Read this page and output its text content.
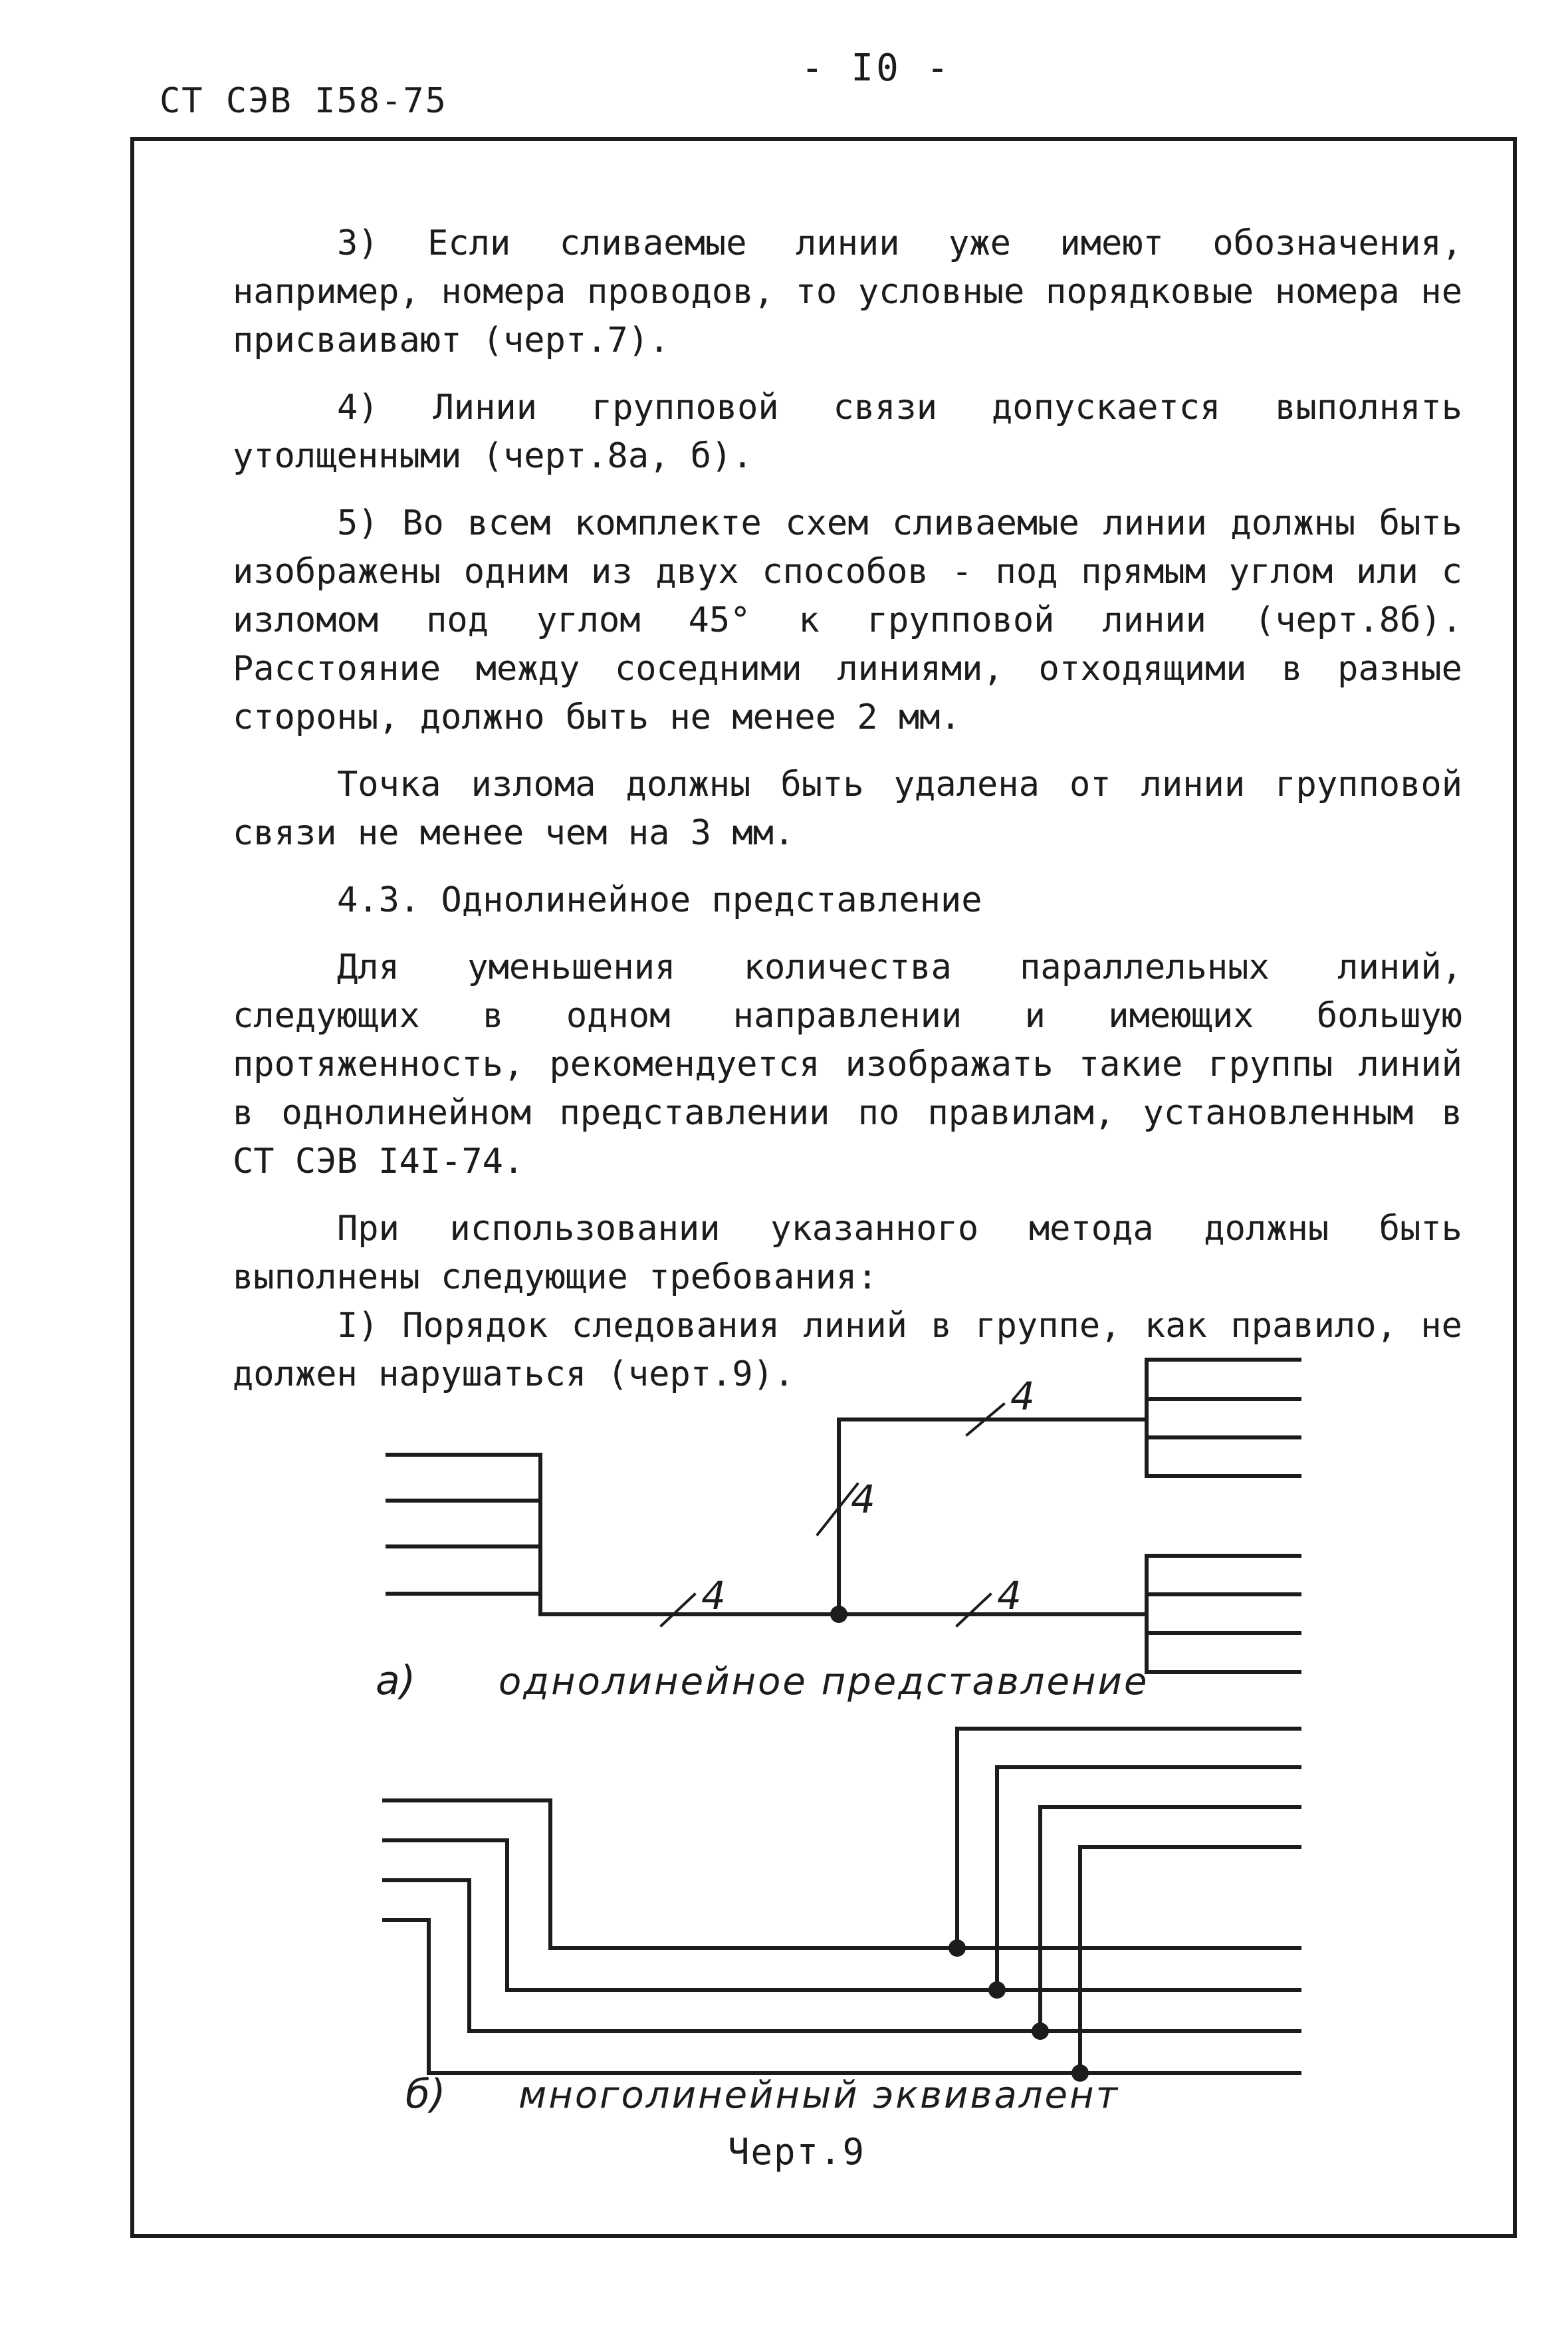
СТ СЭВ I58-75
- I0 -

3) Если сливаемые линии уже имеют обозначения, например, номера проводов, то условные порядковые номера не присваивают (черт.7).

4) Линии групповой связи допускается выполнять утолщенными (черт.8а, б).

5) Во всем комплекте схем сливаемые линии должны быть изображены одним из двух способов - под прямым углом или с изломом под углом 45° к групповой линии (черт.8б). Расстояние между соседними линиями, отходящими в разные стороны, должно быть не менее 2 мм.

Точка излома должны быть удалена от линии групповой связи не менее чем на 3 мм.

4.3. Однолинейное представление

Для уменьшения количества параллельных линий, следующих в одном направлении и имеющих большую протяженность, рекомендуется изображать такие группы линий в однолинейном представлении по правилам, установленным в СТ СЭВ I4I-74.

При использовании указанного метода должны быть выполнены следующие требования:

I) Порядок следования линий в группе, как правило, не должен нарушаться (черт.9).

4	4
4
4
а) однолинейное представление
б) многолинейный эквивалент
Черт.9
